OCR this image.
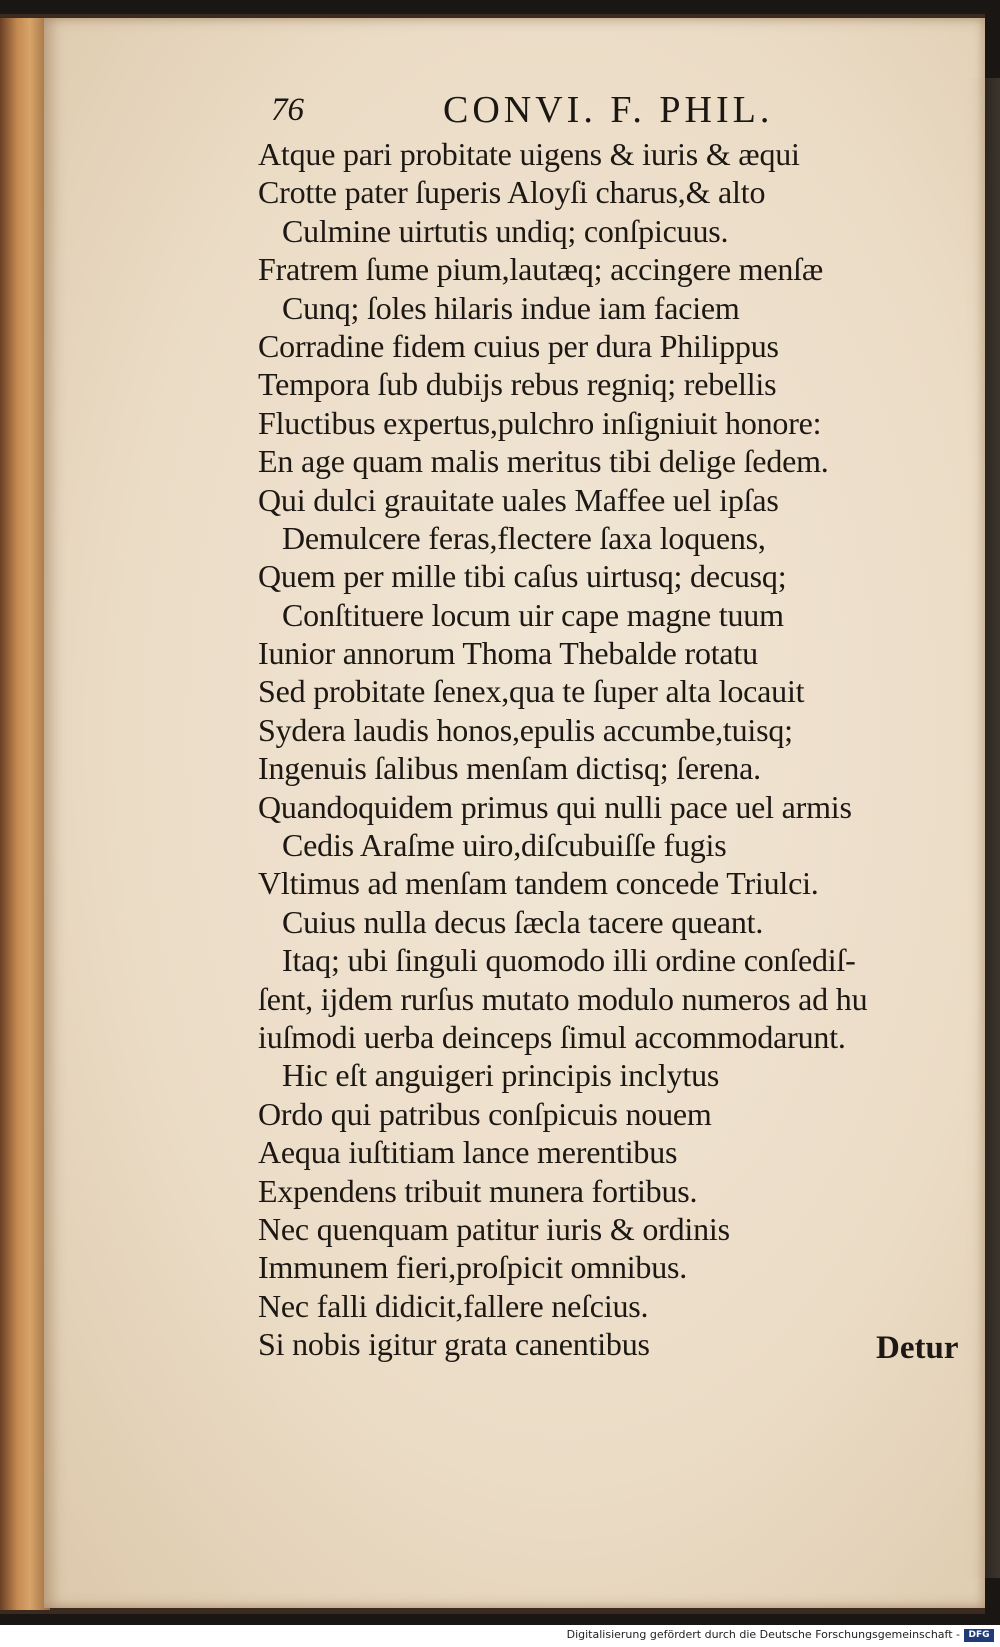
76	CONVI. F. PHIL.
Atque pari probitate uigens & iuris & æqui
Crotte pater ſuperis Aloyſi charus,& alto
Culmine uirtutis undiq; conſpicuus.
Fratrem ſume pium,lautæq; accingere menſæ
Cunq; ſoles hilaris indue iam faciem
Corradine fidem cuius per dura Philippus
Tempora ſub dubijs rebus regniq; rebellis
Fluctibus expertus,pulchro inſigniuit honore:
En age quam malis meritus tibi delige ſedem.
Qui dulci grauitate uales Maffee uel ipſas
Demulcere feras,flectere ſaxa loquens,
Quem per mille tibi caſus uirtusq; decusq;
Conſtituere locum uir cape magne tuum
Iunior annorum Thoma Thebalde rotatu
Sed probitate ſenex,qua te ſuper alta locauit
Sydera laudis honos,epulis accumbe,tuisq;
Ingenuis ſalibus menſam dictisq; ſerena.
Quandoquidem primus qui nulli pace uel armis
Cedis Araſme uiro,diſcubuiſſe fugis
Vltimus ad menſam tandem concede Triulci.
Cuius nulla decus ſæcla tacere queant.
Itaq; ubi ſinguli quomodo illi ordine conſediſ-
ſent, ijdem rurſus mutato modulo numeros ad hu
iuſmodi uerba deinceps ſimul accommodarunt.
Hic eſt anguigeri principis inclytus
Ordo qui patribus conſpicuis nouem
Aequa iuſtitiam lance merentibus
Expendens tribuit munera fortibus.
Nec quenquam patitur iuris & ordinis
Immunem fieri,proſpicit omnibus.
Nec falli didicit,fallere neſcius.
Si nobis igitur grata canentibus	Detur
Digitalisierung gefördert durch die Deutsche Forschungsgemeinschaft - DFG
